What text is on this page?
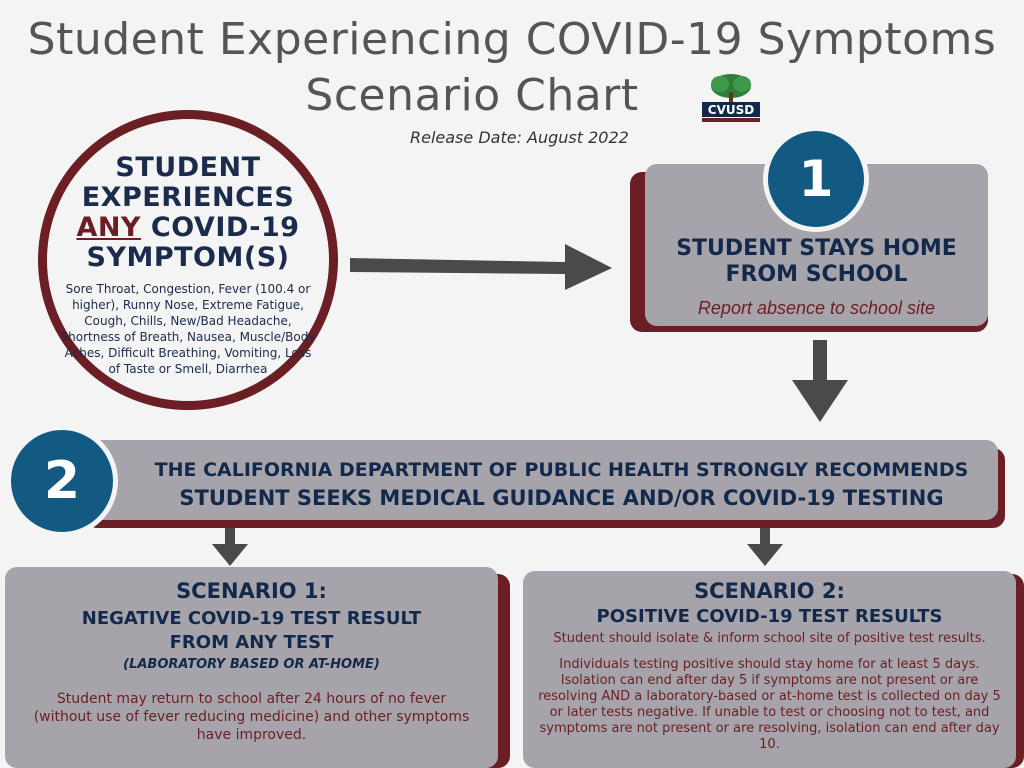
Student Experiencing COVID-19 Symptoms
Scenario Chart	CVUSD
Release Date: August 2022
STUDENT
EXPERIENCES
ANY COVID-19
SYMPTOM(S)
Sore Throat, Congestion, Fever (100.4 or higher), Runny Nose, Extreme Fatigue, Cough, Chills, New/Bad Headache, Shortness of Breath, Nausea, Muscle/Body Aches, Difficult Breathing, Vomiting, Loss of Taste or Smell, Diarrhea
STUDENT STAYS HOME
FROM SCHOOL
Report absence to school site
1
THE CALIFORNIA DEPARTMENT OF PUBLIC HEALTH STRONGLY RECOMMENDS
STUDENT SEEKS MEDICAL GUIDANCE AND/OR COVID-19 TESTING
2
SCENARIO 1:
NEGATIVE COVID-19 TEST RESULT
FROM ANY TEST
(LABORATORY BASED OR AT-HOME)
Student may return to school after 24 hours of no fever (without use of fever reducing medicine) and other symptoms have improved.
SCENARIO 2:
POSITIVE COVID-19 TEST RESULTS
Student should isolate & inform school site of positive test results.
Individuals testing positive should stay home for at least 5 days. Isolation can end after day 5 if symptoms are not present or are resolving AND a laboratory-based or at-home test is collected on day 5 or later tests negative. If unable to test or choosing not to test, and symptoms are not present or are resolving, isolation can end after day 10.
